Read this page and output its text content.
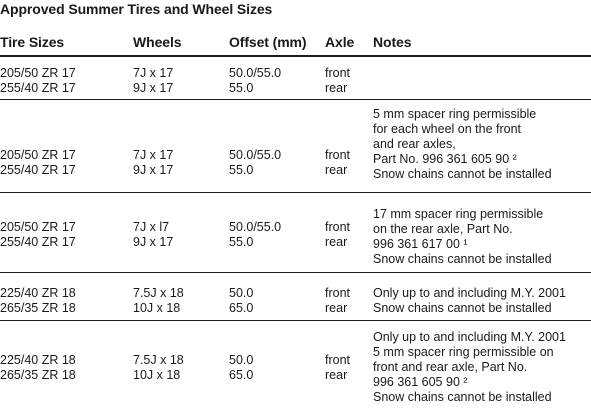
Approved Summer Tires and Wheel Sizes
Tire Sizes	Wheels	Offset (mm) Axle Notes
205/50 ZR 17
255/40 ZR 17
7J x 17
9J x 17
50.0/55.0
55.0
front
rear
205/50 ZR 17
255/40 ZR 17
7J x 17
9J x 17
50.0/55.0
55.0
front
rear
5 mm spacer ring permissible
for each wheel on the front
and rear axles,
Part No. 996 361 605 90 ²
Snow chains cannot be installed
205/50 ZR 17
255/40 ZR 17
7J x l7
9J x 17
50.0/55.0
55.0
front
rear
17 mm spacer ring permissible
on the rear axle, Part No.
996 361 617 00 ¹
Snow chains cannot be installed
225/40 ZR 18
265/35 ZR 18
7.5J x 18
10J x 18
50.0
65.0
front
rear
Only up to and including M.Y. 2001
Snow chains cannot be installed
225/40 ZR 18
265/35 ZR 18
7.5J x 18
10J x 18
50.0
65.0
front
rear
Only up to and including M.Y. 2001
5 mm spacer ring permissible on
front and rear axle, Part No.
996 361 605 90 ²
Snow chains cannot be installed
